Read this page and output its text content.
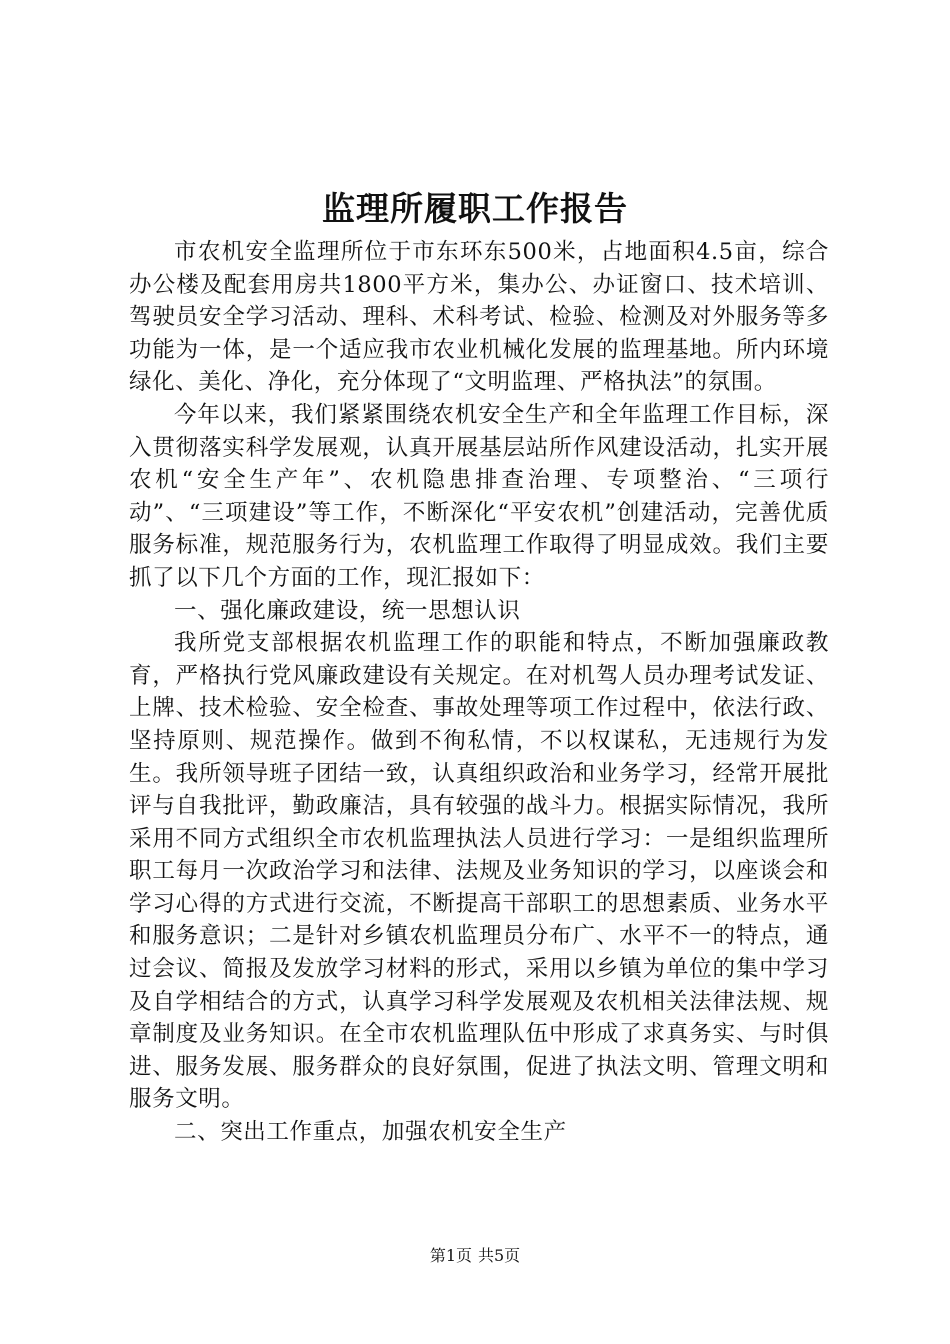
监理所履职工作报告

市农机安全监理所位于市东环东500米，占地面积4.5亩，综合办公楼及配套用房共1800平方米，集办公、办证窗口、技术培训、驾驶员安全学习活动、理科、术科考试、检验、检测及对外服务等多功能为一体，是一个适应我市农业机械化发展的监理基地。所内环境绿化、美化、净化，充分体现了“文明监理、严格执法”的氛围。

今年以来，我们紧紧围绕农机安全生产和全年监理工作目标，深入贯彻落实科学发展观，认真开展基层站所作风建设活动，扎实开展农机“安全生产年”、农机隐患排查治理、专项整治、“三项行动”、“三项建设”等工作，不断深化“平安农机”创建活动，完善优质服务标准，规范服务行为，农机监理工作取得了明显成效。我们主要抓了以下几个方面的工作，现汇报如下：

一、强化廉政建设，统一思想认识

我所党支部根据农机监理工作的职能和特点，不断加强廉政教育，严格执行党风廉政建设有关规定。在对机驾人员办理考试发证、上牌、技术检验、安全检查、事故处理等项工作过程中，依法行政、坚持原则、规范操作。做到不徇私情，不以权谋私，无违规行为发生。我所领导班子团结一致，认真组织政治和业务学习，经常开展批评与自我批评，勤政廉洁，具有较强的战斗力。根据实际情况，我所采用不同方式组织全市农机监理执法人员进行学习：一是组织监理所职工每月一次政治学习和法律、法规及业务知识的学习，以座谈会和学习心得的方式进行交流，不断提高干部职工的思想素质、业务水平和服务意识；二是针对乡镇农机监理员分布广、水平不一的特点，通过会议、简报及发放学习材料的形式，采用以乡镇为单位的集中学习及自学相结合的方式，认真学习科学发展观及农机相关法律法规、规章制度及业务知识。在全市农机监理队伍中形成了求真务实、与时俱进、服务发展、服务群众的良好氛围，促进了执法文明、管理文明和服务文明。

二、突出工作重点，加强农机安全生产

第1页 共5页
